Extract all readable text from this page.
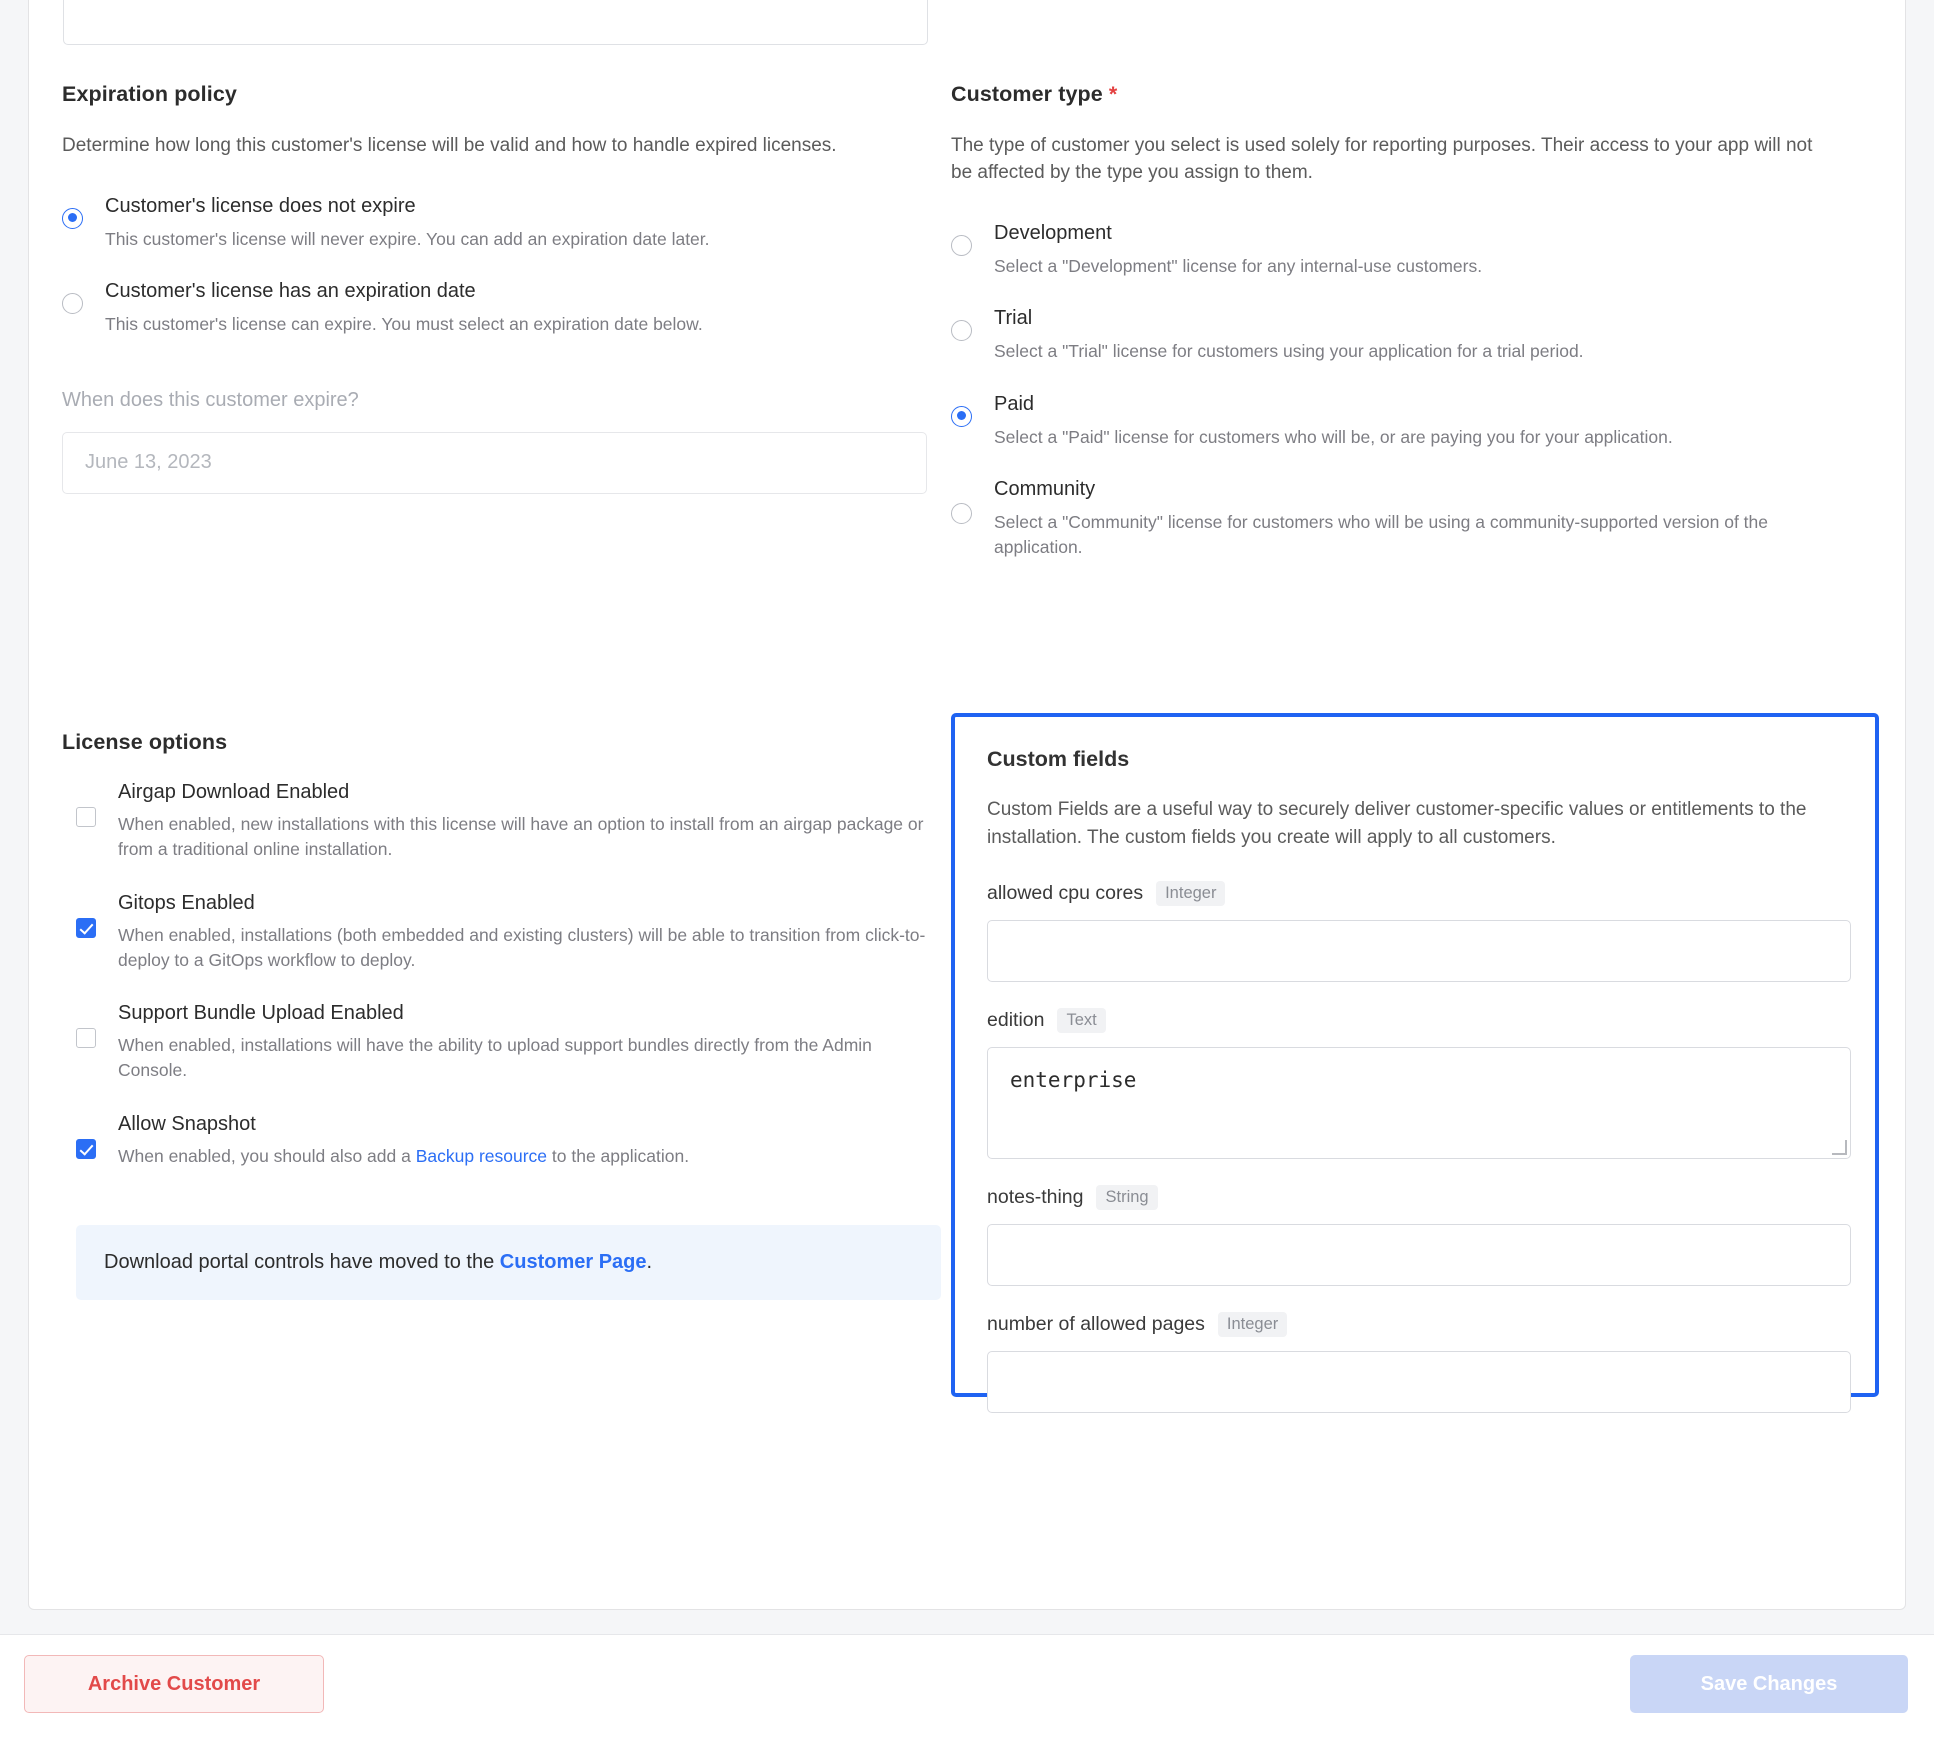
Expiration policy

Determine how long this customer's license will be valid and how to handle expired licenses.

Customer's license does not expire
This customer's license will never expire. You can add an expiration date later.
Customer's license has an expiration date
This customer's license can expire. You must select an expiration date below.
When does this customer expire?
June 13, 2023
Customer type *

The type of customer you select is used solely for reporting purposes. Their access to your app will not be affected by the type you assign to them.

Development
Select a "Development" license for any internal-use customers.
Trial
Select a "Trial" license for customers using your application for a trial period.
Paid
Select a "Paid" license for customers who will be, or are paying you for your application.
Community
Select a "Community" license for customers who will be using a community-supported version of the application.
License options
Airgap Download Enabled
When enabled, new installations with this license will have an option to install from an airgap package or from a traditional online installation.
Gitops Enabled
When enabled, installations (both embedded and existing clusters) will be able to transition from click-to-deploy to a GitOps workflow to deploy.
Support Bundle Upload Enabled
When enabled, installations will have the ability to upload support bundles directly from the Admin Console.
Allow Snapshot
When enabled, you should also add a Backup resource to the application.
Download portal controls have moved to the Customer Page.
Custom fields

Custom Fields are a useful way to securely deliver customer-specific values or entitlements to the installation. The custom fields you create will apply to all customers.

allowed cpu cores	Integer
edition	Text
enterprise
notes-thing	String
number of allowed pages	Integer
Archive Customer	Save Changes
